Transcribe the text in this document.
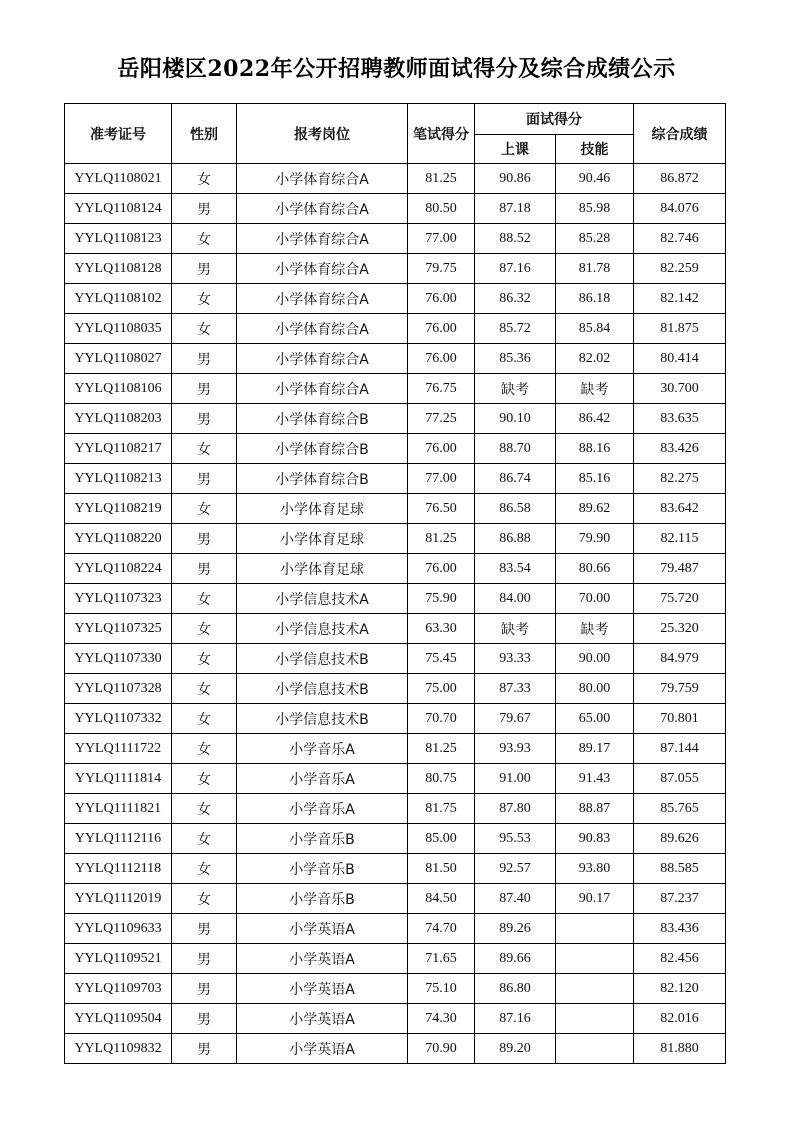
岳阳楼区2022年公开招聘教师面试得分及综合成绩公示
准考证号	性别	报考岗位	笔试得分	面试得分		综合成绩
				上课	技能	
YYLQ1108021	女	小学体育综合A	81.25	90.86	90.46	86.872
YYLQ1108124	男	小学体育综合A	80.50	87.18	85.98	84.076
YYLQ1108123	女	小学体育综合A	77.00	88.52	85.28	82.746
YYLQ1108128	男	小学体育综合A	79.75	87.16	81.78	82.259
YYLQ1108102	女	小学体育综合A	76.00	86.32	86.18	82.142
YYLQ1108035	女	小学体育综合A	76.00	85.72	85.84	81.875
YYLQ1108027	男	小学体育综合A	76.00	85.36	82.02	80.414
YYLQ1108106	男	小学体育综合A	76.75	缺考	缺考	30.700
YYLQ1108203	男	小学体育综合B	77.25	90.10	86.42	83.635
YYLQ1108217	女	小学体育综合B	76.00	88.70	88.16	83.426
YYLQ1108213	男	小学体育综合B	77.00	86.74	85.16	82.275
YYLQ1108219	女	小学体育足球	76.50	86.58	89.62	83.642
YYLQ1108220	男	小学体育足球	81.25	86.88	79.90	82.115
YYLQ1108224	男	小学体育足球	76.00	83.54	80.66	79.487
YYLQ1107323	女	小学信息技术A	75.90	84.00	70.00	75.720
YYLQ1107325	女	小学信息技术A	63.30	缺考	缺考	25.320
YYLQ1107330	女	小学信息技术B	75.45	93.33	90.00	84.979
YYLQ1107328	女	小学信息技术B	75.00	87.33	80.00	79.759
YYLQ1107332	女	小学信息技术B	70.70	79.67	65.00	70.801
YYLQ1111722	女	小学音乐A	81.25	93.93	89.17	87.144
YYLQ1111814	女	小学音乐A	80.75	91.00	91.43	87.055
YYLQ1111821	女	小学音乐A	81.75	87.80	88.87	85.765
YYLQ1112116	女	小学音乐B	85.00	95.53	90.83	89.626
YYLQ1112118	女	小学音乐B	81.50	92.57	93.80	88.585
YYLQ1112019	女	小学音乐B	84.50	87.40	90.17	87.237
YYLQ1109633	男	小学英语A	74.70	89.26		83.436
YYLQ1109521	男	小学英语A	71.65	89.66		82.456
YYLQ1109703	男	小学英语A	75.10	86.80		82.120
YYLQ1109504	男	小学英语A	74.30	87.16		82.016
YYLQ1109832	男	小学英语A	70.90	89.20		81.880
